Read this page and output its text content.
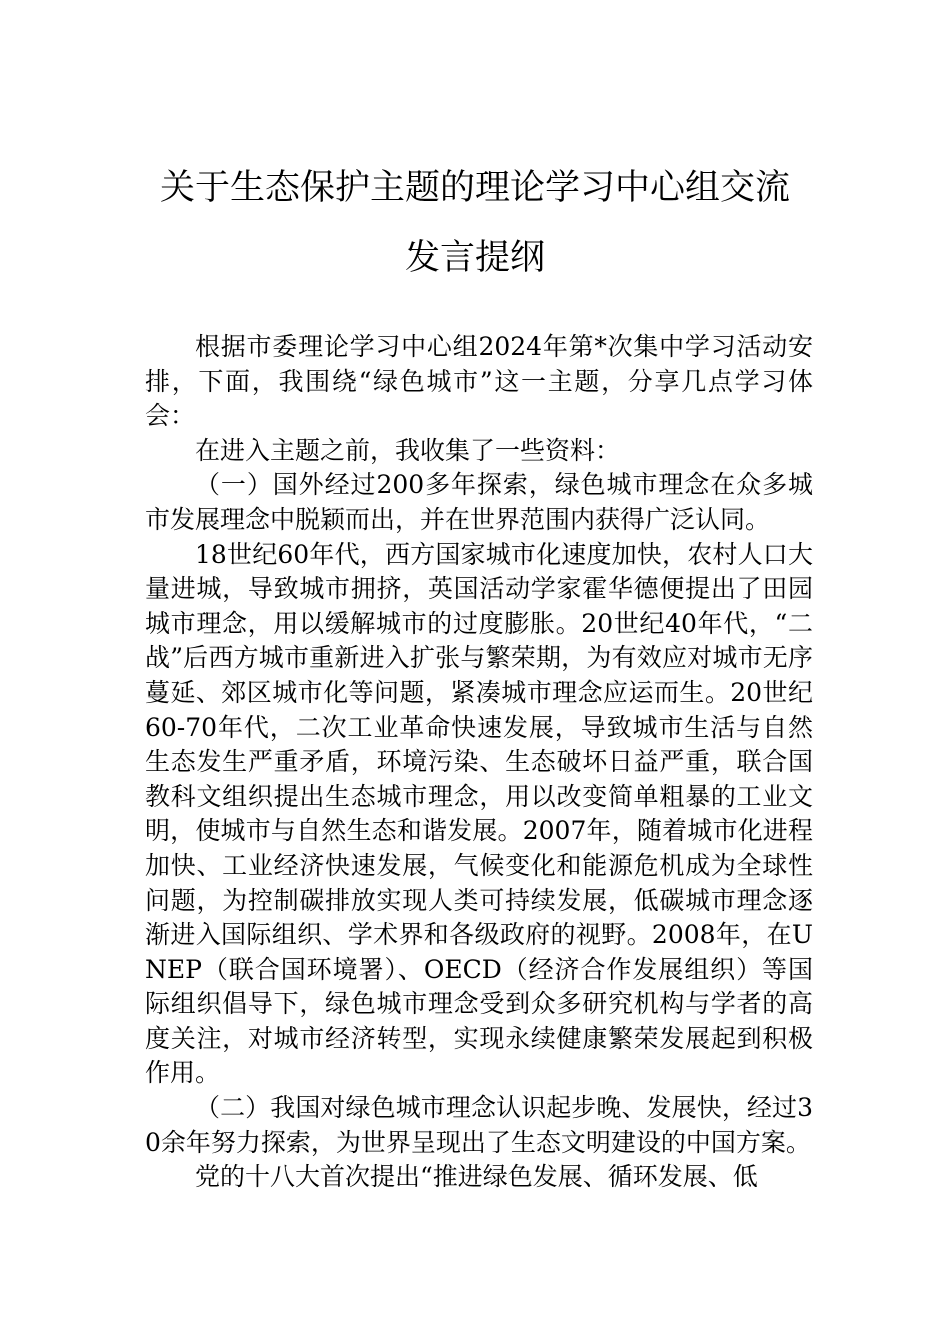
关于生态保护主题的理论学习中心组交流
发言提纲

根据市委理论学习中心组2024年第*次集中学习活动安排，下面，我围绕“绿色城市”这一主题，分享几点学习体会：

在进入主题之前，我收集了一些资料：

（一）国外经过200多年探索，绿色城市理念在众多城市发展理念中脱颖而出，并在世界范围内获得广泛认同。

18世纪60年代，西方国家城市化速度加快，农村人口大量进城，导致城市拥挤，英国活动学家霍华德便提出了田园城市理念，用以缓解城市的过度膨胀。20世纪40年代，“二战”后西方城市重新进入扩张与繁荣期，为有效应对城市无序蔓延、郊区城市化等问题，紧凑城市理念应运而生。20世纪60-70年代，二次工业革命快速发展，导致城市生活与自然生态发生严重矛盾，环境污染、生态破坏日益严重，联合国教科文组织提出生态城市理念，用以改变简单粗暴的工业文明，使城市与自然生态和谐发展。2007年，随着城市化进程加快、工业经济快速发展，气候变化和能源危机成为全球性问题，为控制碳排放实现人类可持续发展，低碳城市理念逐渐进入国际组织、学术界和各级政府的视野。2008年，在UNEP（联合国环境署）、OECD（经济合作发展组织）等国际组织倡导下，绿色城市理念受到众多研究机构与学者的高度关注，对城市经济转型，实现永续健康繁荣发展起到积极作用。

（二）我国对绿色城市理念认识起步晚、发展快，经过30余年努力探索，为世界呈现出了生态文明建设的中国方案。

党的十八大首次提出“推进绿色发展、循环发展、低
